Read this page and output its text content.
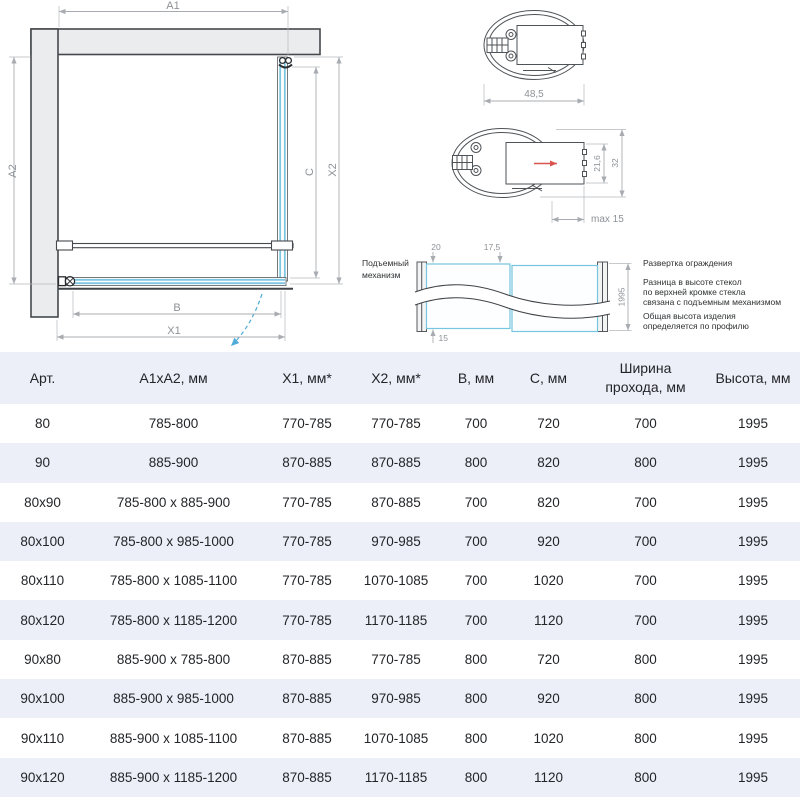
A1
A2	C X2
B
X1
48,5
21,6 32
max 15
Подъемный
механизм
20	17,5
15
1995
Развертка ограждения
Разница в высоте стекол
по верхней кромке стекла
связана с подъемным механизмом
Общая высота изделия
определяется по профилю
Арт.	А1хА2, мм	Х1, мм*	Х2, мм*	В, мм	С, мм	Ширина прохода, мм	Высота, мм
80	785-800	770-785	770-785	700	720	700	1995
90	885-900	870-885	870-885	800	820	800	1995
80x90	785-800 x 885-900	770-785	870-885	700	820	700	1995
80x100	785-800 x 985-1000	770-785	970-985	700	920	700	1995
80x110	785-800 x 1085-1100	770-785	1070-1085	700	1020	700	1995
80x120	785-800 x 1185-1200	770-785	1170-1185	700	1120	700	1995
90x80	885-900 x 785-800	870-885	770-785	800	720	800	1995
90x100	885-900 x 985-1000	870-885	970-985	800	920	800	1995
90x110	885-900 x 1085-1100	870-885	1070-1085	800	1020	800	1995
90x120	885-900 x 1185-1200	870-885	1170-1185	800	1120	800	1995
